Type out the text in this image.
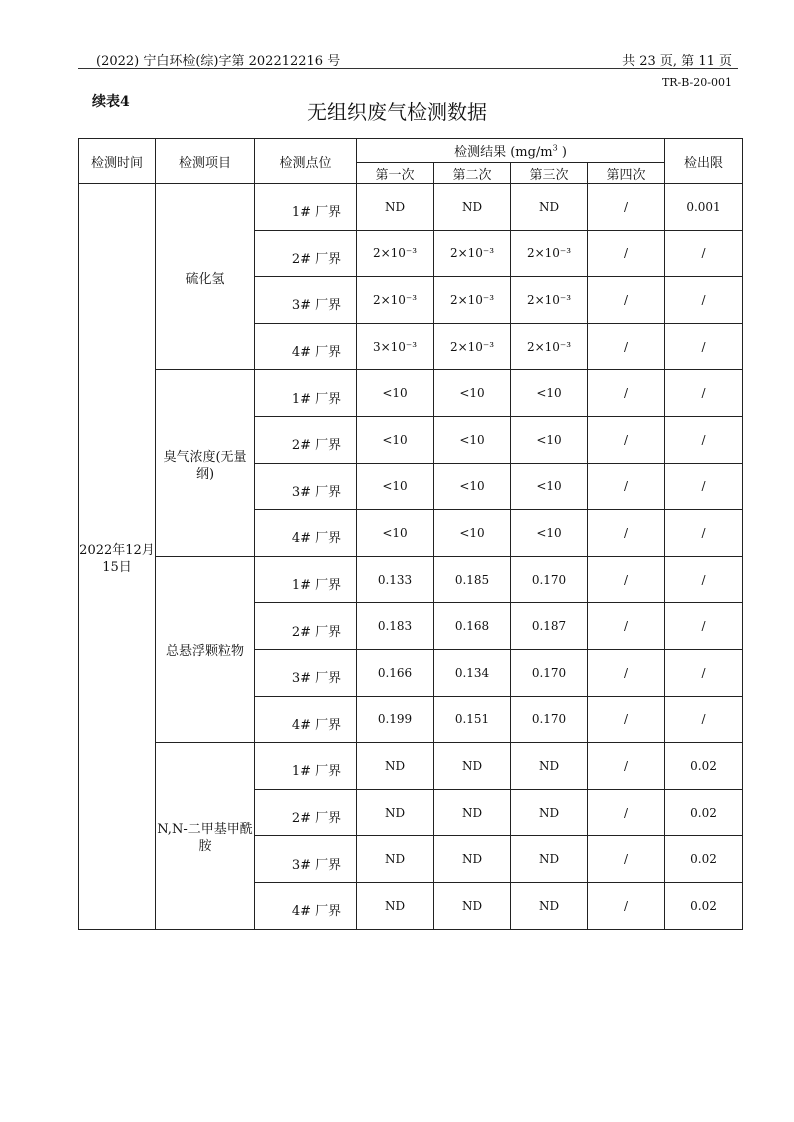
(2022) 宁白环检(综)字第 202212216 号	共 23 页, 第 11 页
TR-B-20-001
续表4	无组织废气检测数据
检测时间	检测项目	检测点位	检测结果 ($mg/m^3$ )				检出限
			第一次	第二次	第三次	第四次	
2022年12月15日	硫化氢	1# 厂界	ND	ND	ND	/	0.001
		2# 厂界	2×10⁻³	2×10⁻³	2×10⁻³	/	/
		3# 厂界	2×10⁻³	2×10⁻³	2×10⁻³	/	/
		4# 厂界	3×10⁻³	2×10⁻³	2×10⁻³	/	/
	臭气浓度(无量纲)	1# 厂界	<10	<10	<10	/	/
		2# 厂界	<10	<10	<10	/	/
		3# 厂界	<10	<10	<10	/	/
		4# 厂界	<10	<10	<10	/	/
	总悬浮颗粒物	1# 厂界	0.133	0.185	0.170	/	/
		2# 厂界	0.183	0.168	0.187	/	/
		3# 厂界	0.166	0.134	0.170	/	/
		4# 厂界	0.199	0.151	0.170	/	/
	N,N-二甲基甲酰胺	1# 厂界	ND	ND	ND	/	0.02
		2# 厂界	ND	ND	ND	/	0.02
		3# 厂界	ND	ND	ND	/	0.02
		4# 厂界	ND	ND	ND	/	0.02
